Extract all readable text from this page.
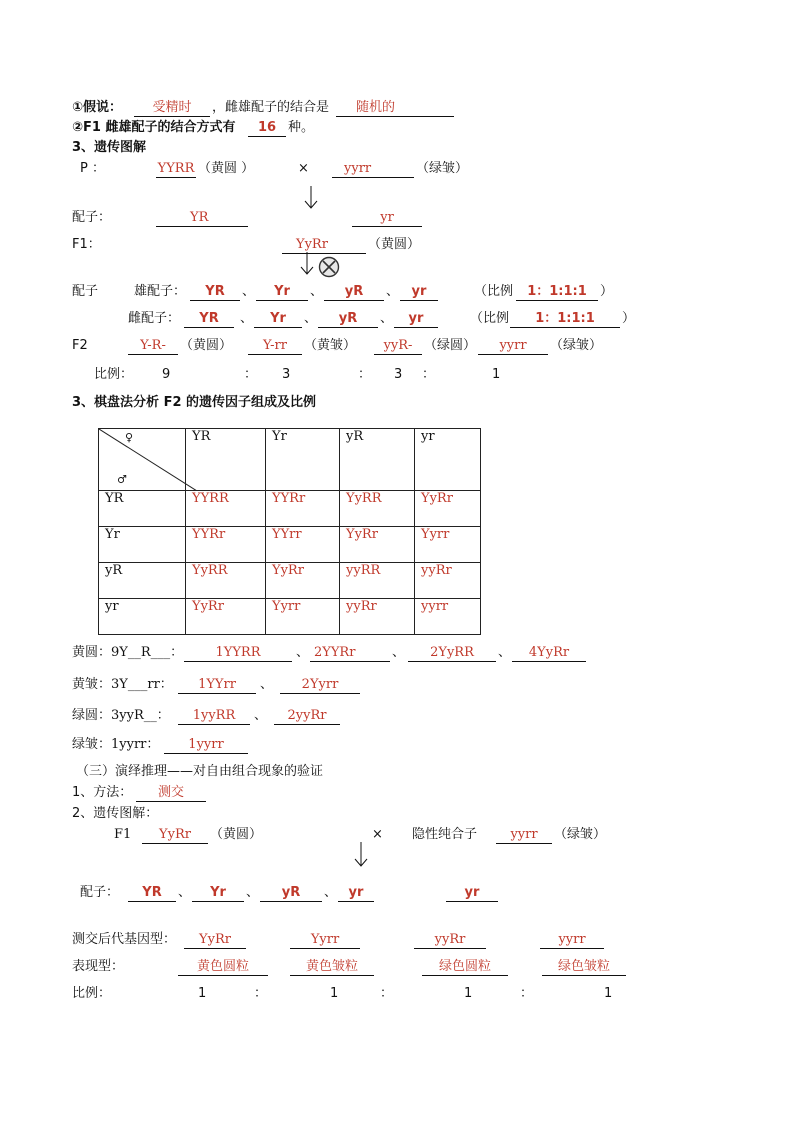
①假说：	受精时	，雌雄配子的结合是	随机的
②F1 雌雄配子的结合方式有	16 种。
3、遗传图解
P ：	YYRR （黄圆 ）	×	yyrr	（绿皱）
配子：	YR	yr
F1：	YyRr	（黄圆）
配子	雄配子：	YR	、	Yr	、	yR	、 yr	（比例	1：1:1:1	）
雌配子：	YR	、	Yr	、	yR	、	yr	（比例	1：1:1:1	）
F2	Y-R-	（黄圆）	Y-rr	（黄皱）	yyR- （绿圆）	yyrr	（绿皱）
比例： 9	： 3	： 3 ：	1
3、棋盘法分析 F2 的遗传因子组成及比例
♀
♂	YR	Yr	yR	yr
YR	YYRR	YYRr	YyRR	YyRr
Yr	YYRr	YYrr	YyRr	Yyrr
yR	YyRR	YyRr	yyRR	yyRr
yr	YyRr	Yyrr	yyRr	yyrr
黄圆：9Y__R___：	1YYRR	、 2YYRr	、	2YyRR	、	4YyRr
黄皱：3Y___rr：	1YYrr	、	2Yyrr
绿圆：3yyR__：	1yyRR	、	2yyRr
绿皱：1yyrr：	1yyrr
（三）演绎推理——对自由组合现象的验证
1、方法：	测交
2、遗传图解：
F1	YyRr	（黄圆）	× 隐性纯合子	yyrr	（绿皱）
配子：	YR	、	Yr	、	yR	、 yr	yr
测交后代基因型：	YyRr	Yyrr	yyRr	yyrr
表现型：	黄色圆粒	黄色皱粒	绿色圆粒	绿色皱粒
比例：	1	：	1	：	1	：	1
